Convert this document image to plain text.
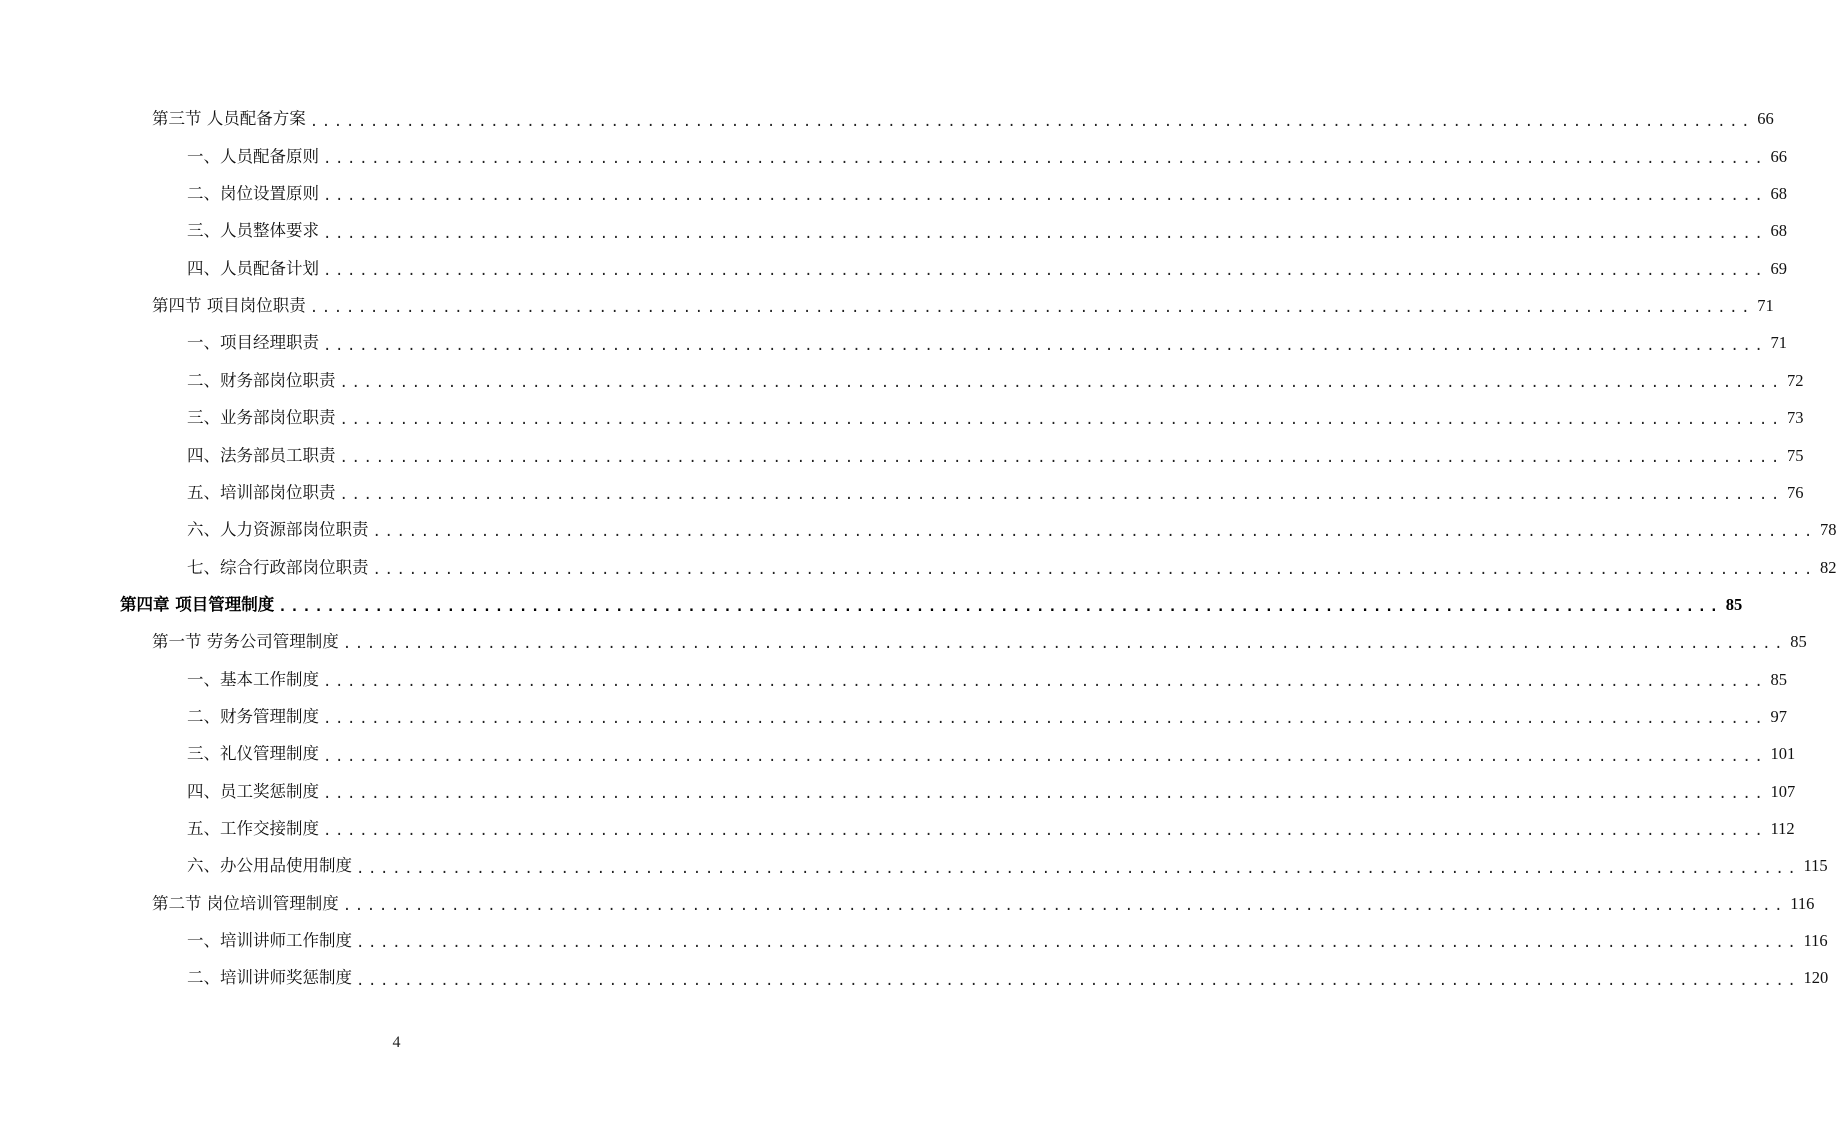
第三节 人员配备方案 ........................................................................................................................ 66
一、人员配备原则 ........................................................................................................................ 66
二、岗位设置原则 ........................................................................................................................ 68
三、人员整体要求 ........................................................................................................................ 68
四、人员配备计划 ........................................................................................................................ 69
第四节 项目岗位职责 ........................................................................................................................ 71
一、项目经理职责 ........................................................................................................................ 71
二、财务部岗位职责 ........................................................................................................................ 72
三、业务部岗位职责 ........................................................................................................................ 73
四、法务部员工职责 ........................................................................................................................ 75
五、培训部岗位职责 ........................................................................................................................ 76
六、人力资源部岗位职责 ........................................................................................................................ 78
七、综合行政部岗位职责 ........................................................................................................................ 82
第四章 项目管理制度 ........................................................................................................................ 85
第一节 劳务公司管理制度 ........................................................................................................................ 85
一、基本工作制度 ........................................................................................................................ 85
二、财务管理制度 ........................................................................................................................ 97
三、礼仪管理制度 ........................................................................................................................ 101
四、员工奖惩制度 ........................................................................................................................ 107
五、工作交接制度 ........................................................................................................................ 112
六、办公用品使用制度 ........................................................................................................................ 115
第二节 岗位培训管理制度 ........................................................................................................................ 116
一、培训讲师工作制度 ........................................................................................................................ 116
二、培训讲师奖惩制度 ........................................................................................................................ 120
4
